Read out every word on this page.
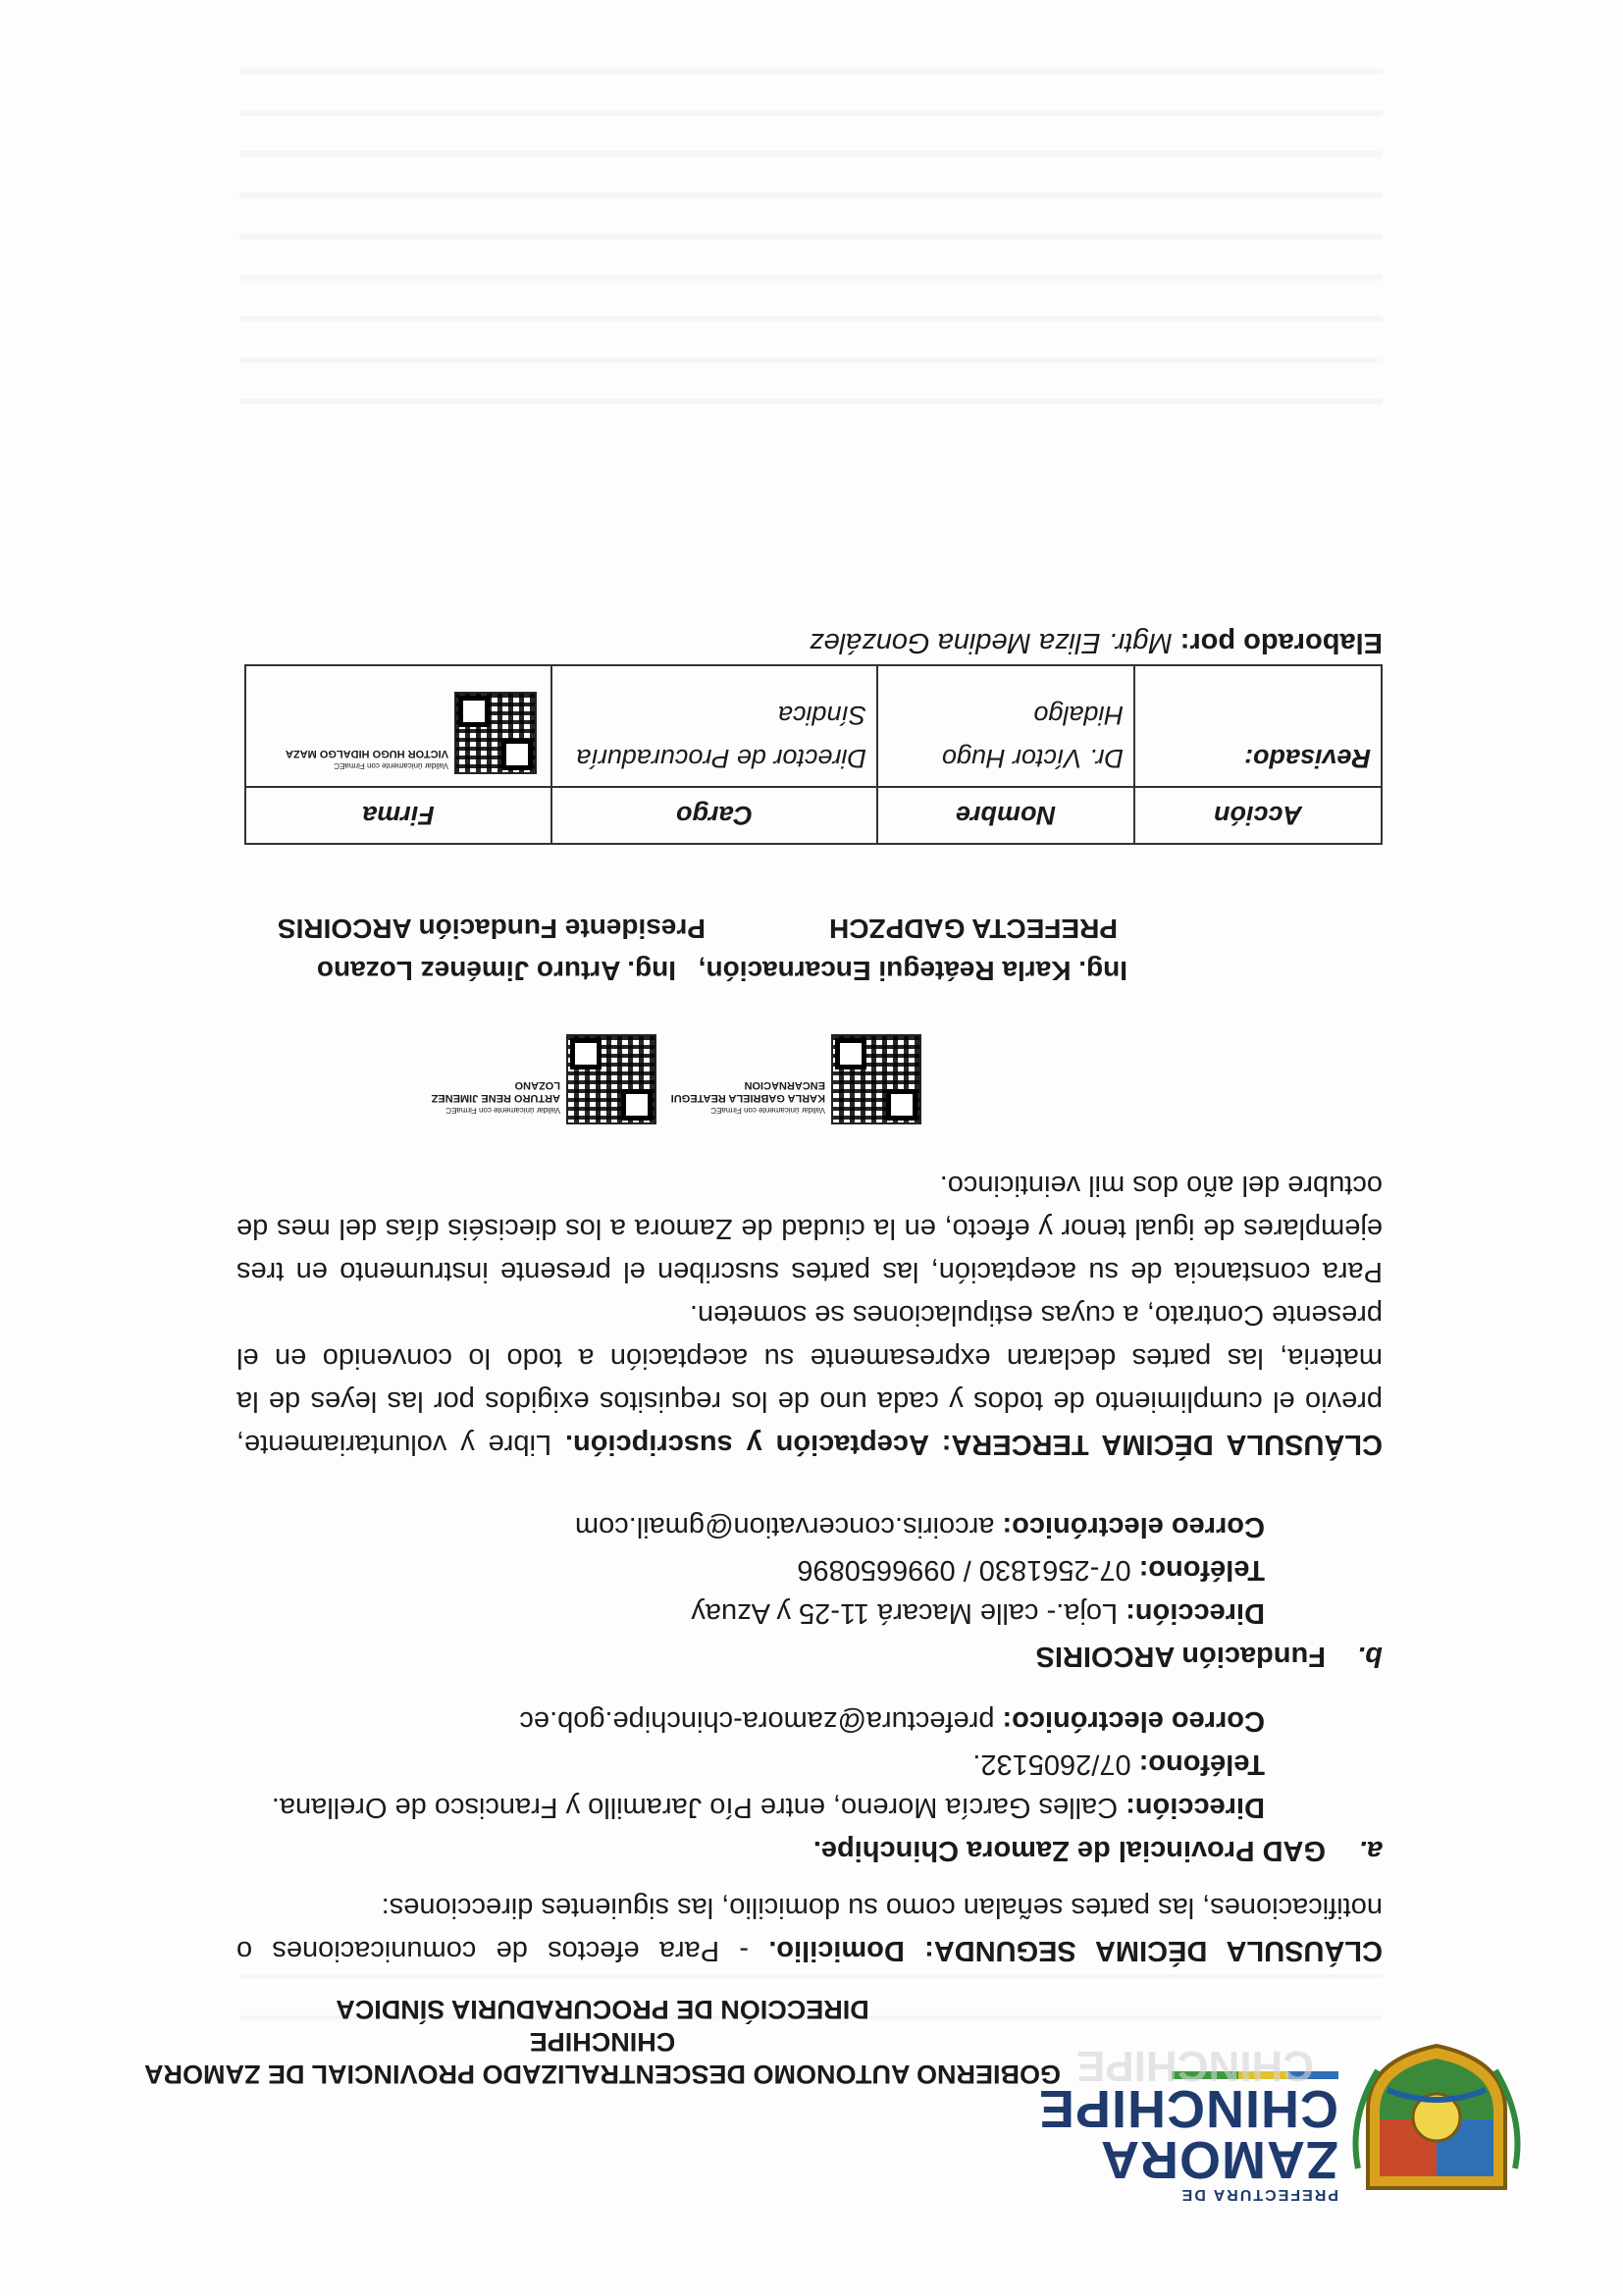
PREFECTURA DE
ZAMORA
CHINCHIPE
CHINCHIPE
GOBIERNO AUTONOMO DESCENTRALIZADO PROVINCIAL DE ZAMORA
CHINCHIPE
DIRECCIÓN DE PROCURADURIA SÍNDICA

CLÁUSULA DÉCIMA SEGUNDA: Domicilio. - Para efectos de comunicaciones o notificaciones, las partes señalan como su domicilio, las siguientes direcciones:

a. GAD Provincial de Zamora Chinchipe.

Dirección: Calles García Moreno, entre Pío Jaramillo y Francisco de Orellana.

Teléfono: 07/2605132.

Correo electrónico: prefectura@zamora-chinchipe.gob.ec

b. Fundación ARCOIRIS

Dirección: Loja.- calle Macará 11-25 y Azuay

Teléfono: 07-2561830 / 0996650896

Correo electrónico: arcoiris.concervation@gmail.com

CLÁUSULA DÉCIMA TERCERA: Aceptación y suscripción. Libre y voluntariamente, previo el cumplimiento de todos y cada uno de los requisitos exigidos por las leyes de la materia, las partes declaran expresamente su aceptación a todo lo convenido en el presente Contrato, a cuyas estipulaciones se someten.

Para constancia de su aceptación, las partes suscriben el presente instrumento en tres ejemplares de igual tenor y efecto, en la ciudad de Zamora a los dieciséis días del mes de octubre del año dos mil veinticinco.

Validar únicamente con FirmaEC
KARLA GABRIELA REATEGUI ENCARNACION
Validar únicamente con FirmaEC
ARTURO RENE JIMENEZ LOZANO
Ing. Karla Reátegui Encarnación,
PREFECTA GADPZCH
Ing. Arturo Jiménez Lozano
Presidente Fundación ARCOIRIS
Acción	Nombre	Cargo	Firma
Revisado:	Dr. Víctor Hugo Hidalgo	Director de Procuraduría Síndica	Validar únicamente con FirmaEC
VICTOR HUGO HIDALGO MAZA

Elaborado por: Mgtr. Eliza Medina González
